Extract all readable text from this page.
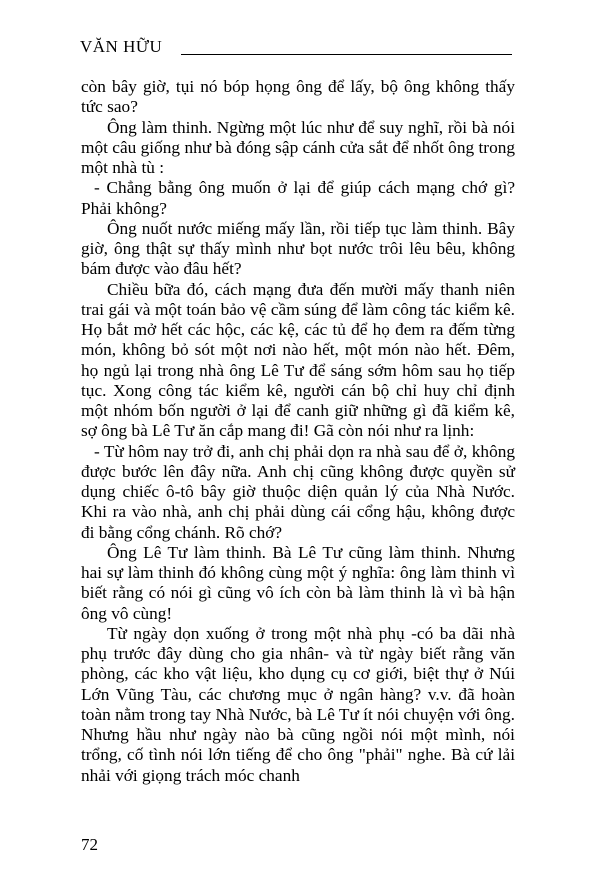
VĂN HỮU

còn bây giờ, tụi nó bóp họng ông để lấy, bộ ông không thấy tức sao?

Ông làm thinh. Ngừng một lúc như để suy nghĩ, rồi bà nói một câu giống như bà đóng sập cánh cửa sắt để nhốt ông trong một nhà tù :

- Chẳng bằng ông muốn ở lại để giúp cách mạng chớ gì? Phải không?

Ông nuốt nước miếng mấy lần, rồi tiếp tục làm thinh. Bây giờ, ông thật sự thấy mình như bọt nước trôi lêu bêu, không bám được vào đâu hết?

Chiều bữa đó, cách mạng đưa đến mười mấy thanh niên trai gái và một toán bảo vệ cầm súng để làm công tác kiểm kê. Họ bắt mở hết các hộc, các kệ, các tủ để họ đem ra đếm từng món, không bỏ sót một nơi nào hết, một món nào hết. Đêm, họ ngủ lại trong nhà ông Lê Tư để sáng sớm hôm sau họ tiếp tục. Xong công tác kiểm kê, người cán bộ chỉ huy chỉ định một nhóm bốn người ở lại để canh giữ những gì đã kiểm kê, sợ ông bà Lê Tư ăn cắp mang đi! Gã còn nói như ra lịnh:

- Từ hôm nay trở đi, anh chị phải dọn ra nhà sau để ở, không được bước lên đây nữa. Anh chị cũng không được quyền sử dụng chiếc ô-tô bây giờ thuộc diện quản lý của Nhà Nước. Khi ra vào nhà, anh chị phải dùng cái cổng hậu, không được đi bằng cổng chánh. Rõ chớ?

Ông Lê Tư làm thinh. Bà Lê Tư cũng làm thinh. Nhưng hai sự làm thinh đó không cùng một ý nghĩa: ông làm thinh vì biết rằng có nói gì cũng vô ích còn bà làm thinh là vì bà hận ông vô cùng!

Từ ngày dọn xuống ở trong một nhà phụ -có ba dãi nhà phụ trước đây dùng cho gia nhân- và từ ngày biết rằng văn phòng, các kho vật liệu, kho dụng cụ cơ giới, biệt thự ở Núi Lớn Vũng Tàu, các chương mục ở ngân hàng? v.v. đã hoàn toàn nằm trong tay Nhà Nước, bà Lê Tư ít nói chuyện với ông. Nhưng hầu như ngày nào bà cũng ngồi nói một mình, nói trổng, cố tình nói lớn tiếng để cho ông "phải" nghe. Bà cứ lải nhải với giọng trách móc chanh

72
